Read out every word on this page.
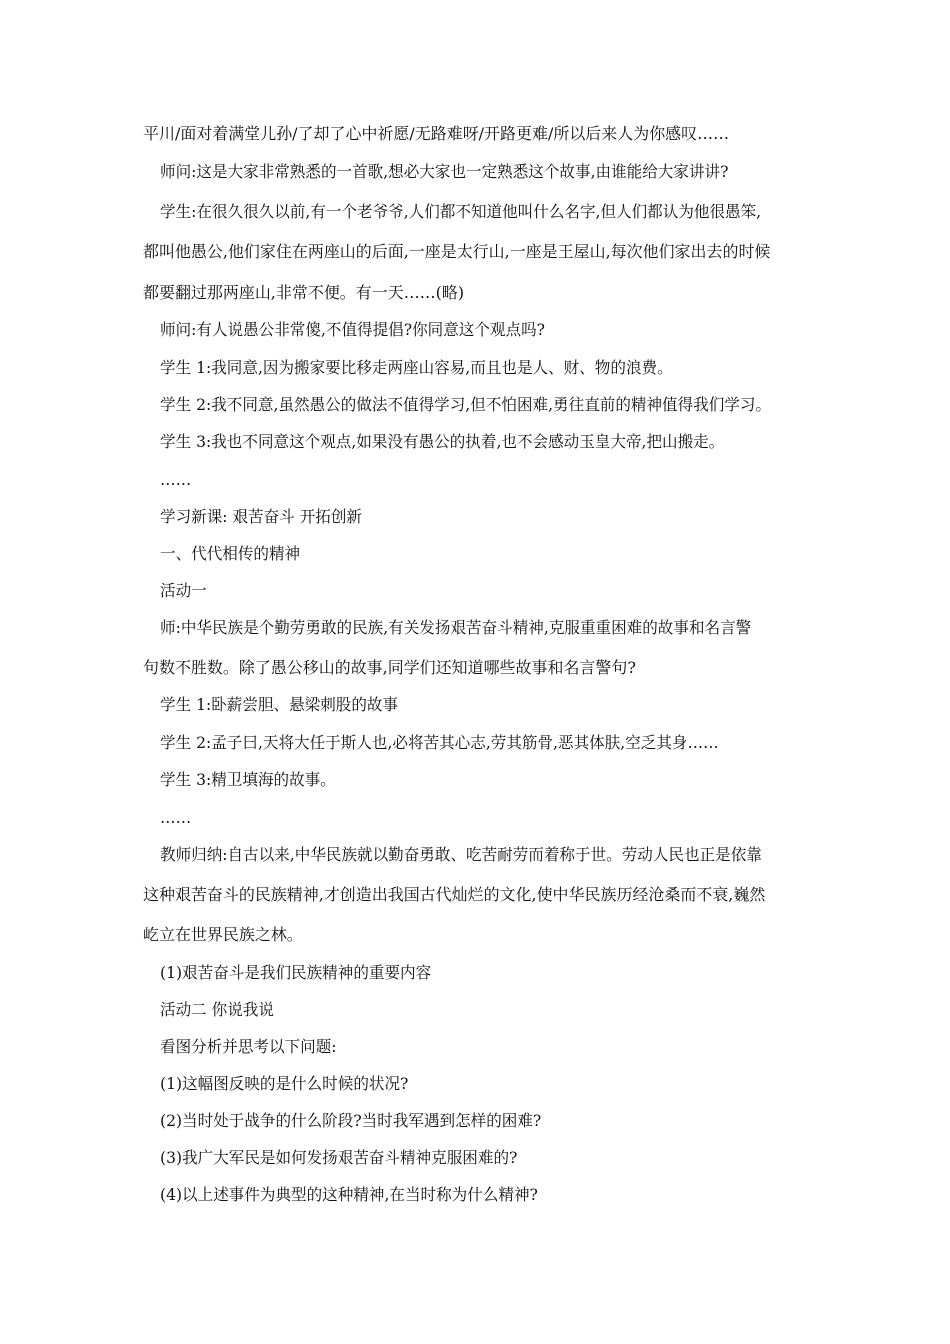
平川/面对着满堂儿孙/了却了心中祈愿/无路难呀/开路更难/所以后来人为你感叹……
师问:这是大家非常熟悉的一首歌,想必大家也一定熟悉这个故事,由谁能给大家讲讲?
学生:在很久很久以前,有一个老爷爷,人们都不知道他叫什么名字,但人们都认为他很愚笨,
都叫他愚公,他们家住在两座山的后面,一座是太行山,一座是王屋山,每次他们家出去的时候
都要翻过那两座山,非常不便。有一天……(略)
师问:有人说愚公非常傻,不值得提倡?你同意这个观点吗?
学生 1:我同意,因为搬家要比移走两座山容易,而且也是人、财、物的浪费。
学生 2:我不同意,虽然愚公的做法不值得学习,但不怕困难,勇往直前的精神值得我们学习。
学生 3:我也不同意这个观点,如果没有愚公的执着,也不会感动玉皇大帝,把山搬走。
……
学习新课: 艰苦奋斗 开拓创新
一、代代相传的精神
活动一
师:中华民族是个勤劳勇敢的民族,有关发扬艰苦奋斗精神,克服重重困难的故事和名言警
句数不胜数。除了愚公移山的故事,同学们还知道哪些故事和名言警句?
学生 1:卧薪尝胆、悬梁刺股的故事
学生 2:孟子曰,天将大任于斯人也,必将苦其心志,劳其筋骨,恶其体肤,空乏其身……
学生 3:精卫填海的故事。
……
教师归纳:自古以来,中华民族就以勤奋勇敢、吃苦耐劳而着称于世。劳动人民也正是依靠
这种艰苦奋斗的民族精神,才创造出我国古代灿烂的文化,使中华民族历经沧桑而不衰,巍然
屹立在世界民族之林。
(1)艰苦奋斗是我们民族精神的重要内容
活动二 你说我说
看图分析并思考以下问题:
(1)这幅图反映的是什么时候的状况?
(2)当时处于战争的什么阶段?当时我军遇到怎样的困难?
(3)我广大军民是如何发扬艰苦奋斗精神克服困难的?
(4)以上述事件为典型的这种精神,在当时称为什么精神?
